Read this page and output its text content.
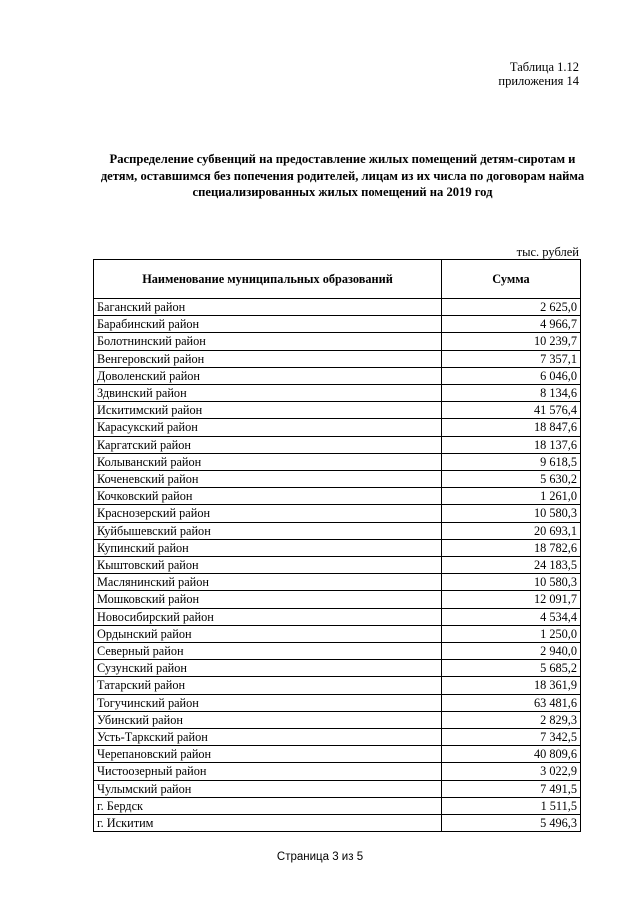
Таблица 1.12
приложения 14
Распределение субвенций на предоставление жилых помещений детям-сиротам и детям, оставшимся без попечения родителей, лицам из их числа по договорам найма специализированных жилых помещений на 2019 год
тыс. рублей
Наименование муниципальных образований	Сумма
Баганский район	2 625,0
Барабинский район	4 966,7
Болотнинский район	10 239,7
Венгеровский район	7 357,1
Доволенский район	6 046,0
Здвинский район	8 134,6
Искитимский район	41 576,4
Карасукский район	18 847,6
Каргатский район	18 137,6
Колыванский район	9 618,5
Коченевский район	5 630,2
Кочковский район	1 261,0
Краснозерский район	10 580,3
Куйбышевский район	20 693,1
Купинский район	18 782,6
Кыштовский район	24 183,5
Маслянинский район	10 580,3
Мошковский район	12 091,7
Новосибирский район	4 534,4
Ордынский район	1 250,0
Северный район	2 940,0
Сузунский район	5 685,2
Татарский район	18 361,9
Тогучинский район	63 481,6
Убинский район	2 829,3
Усть-Таркский район	7 342,5
Черепановский район	40 809,6
Чистоозерный район	3 022,9
Чулымский район	7 491,5
г. Бердск	1 511,5
г. Искитим	5 496,3
Страница 3 из 5
